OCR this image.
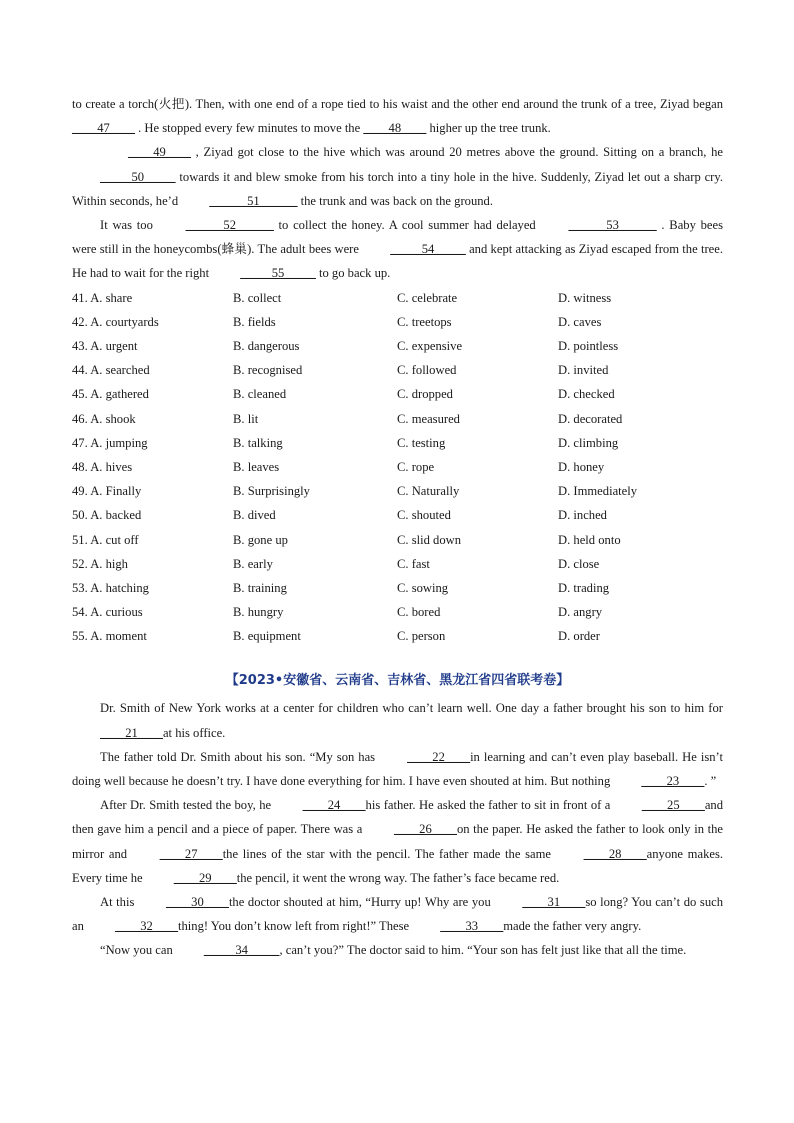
to create a torch(火把). Then, with one end of a rope tied to his waist and the other end around the trunk of a tree, Ziyad began ____47____ . He stopped every few minutes to move the ____48____ higher up the tree trunk.

____49____ , Ziyad got close to the hive which was around 20 metres above the ground. Sitting on a branch, he _____50_____ towards it and blew smoke from his torch into a tiny hole in the hive. Suddenly, Ziyad let out a sharp cry. Within seconds, he’d ______51______ the trunk and was back on the ground.

It was too ______52______ to collect the honey. A cool summer had delayed ______53______ . Baby bees were still in the honeycombs(蜂巢). The adult bees were _____54_____ and kept attacking as Ziyad escaped from the tree. He had to wait for the right _____55_____ to go back up.

41. A. share	B. collect	C. celebrate	D. witness
42. A. courtyards	B. fields	C. treetops	D. caves
43. A. urgent	B. dangerous	C. expensive	D. pointless
44. A. searched	B. recognised	C. followed	D. invited
45. A. gathered	B. cleaned	C. dropped	D. checked
46. A. shook	B. lit	C. measured	D. decorated
47. A. jumping	B. talking	C. testing	D. climbing
48. A. hives	B. leaves	C. rope	D. honey
49. A. Finally	B. Surprisingly	C. Naturally	D. Immediately
50. A. backed	B. dived	C. shouted	D. inched
51. A. cut off	B. gone up	C. slid down	D. held onto
52. A. high	B. early	C. fast	D. close
53. A. hatching	B. training	C. sowing	D. trading
54. A. curious	B. hungry	C. bored	D. angry
55. A. moment	B. equipment	C. person	D. order
【2023•安徽省、云南省、吉林省、黑龙江省四省联考卷】

Dr. Smith of New York works at a center for children who can’t learn well. One day a father brought his son to him for____21____at his office.

The father told Dr. Smith about his son. “My son has ____22____in learning and can’t even play baseball. He isn’t doing well because he doesn’t try. I have done everything for him. I have even shouted at him. But nothing ____23____. ”

After Dr. Smith tested the boy, he ____24____his father. He asked the father to sit in front of a ____25____and then gave him a pencil and a piece of paper. There was a ____26____on the paper. He asked the father to look only in the mirror and ____27____the lines of the star with the pencil. The father made the same ____28____anyone makes. Every time he ____29____the pencil, it went the wrong way. The father’s face became red.

At this ____30____the doctor shouted at him, “Hurry up! Why are you ____31____so long? You can’t do such an ____32____thing! You don’t know left from right!” These ____33____made the father very angry.

“Now you can _____34_____, can’t you?” The doctor said to him. “Your son has felt just like that all the time.
